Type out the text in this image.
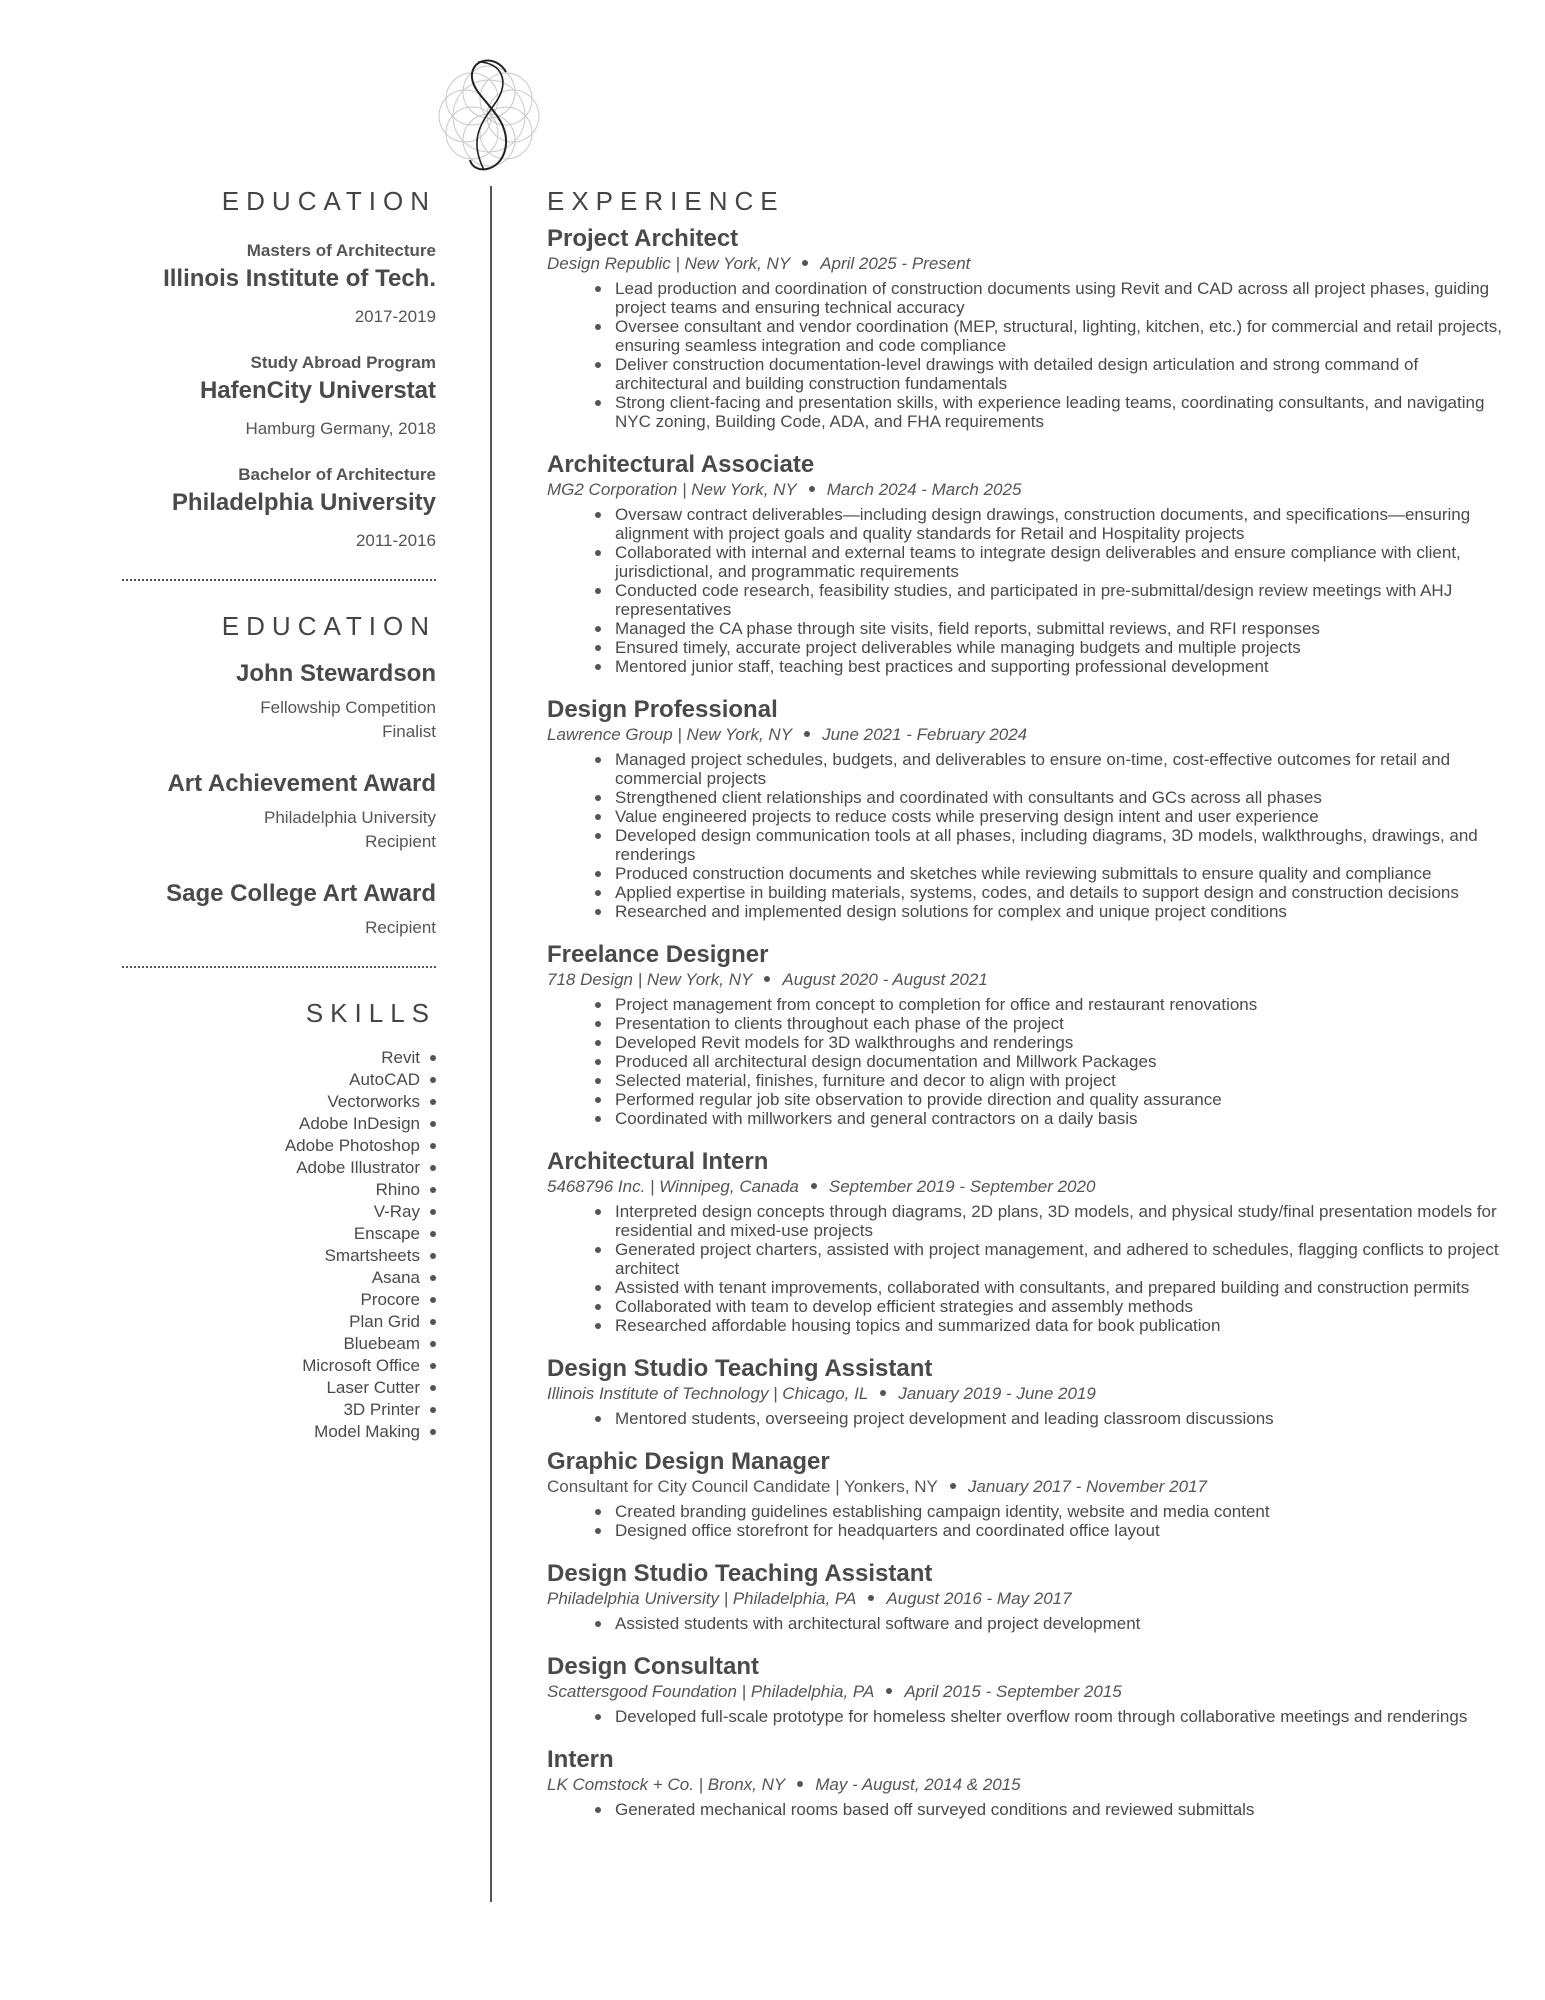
EDUCATION
Masters of Architecture
Illinois Institute of Tech.
2017-2019
Study Abroad Program
HafenCity Universtat
Hamburg Germany, 2018
Bachelor of Architecture
Philadelphia University
2011-2016
EDUCATION
John Stewardson
Fellowship Competition
Finalist
Art Achievement Award
Philadelphia University
Recipient
Sage College Art Award
Recipient
SKILLS
Revit
AutoCAD
Vectorworks
Adobe InDesign
Adobe Photoshop
Adobe Illustrator
Rhino
V-Ray
Enscape
Smartsheets
Asana
Procore
Plan Grid
Bluebeam
Microsoft Office
Laser Cutter
3D Printer
Model Making
EXPERIENCE
Project Architect
Design Republic | New York, NY April 2025 - Present
Lead production and coordination of construction documents using Revit and CAD across all project phases, guiding project teams and ensuring technical accuracy
Oversee consultant and vendor coordination (MEP, structural, lighting, kitchen, etc.) for commercial and retail projects, ensuring seamless integration and code compliance
Deliver construction documentation-level drawings with detailed design articulation and strong command of architectural and building construction fundamentals
Strong client-facing and presentation skills, with experience leading teams, coordinating consultants, and navigating NYC zoning, Building Code, ADA, and FHA requirements
Architectural Associate
MG2 Corporation | New York, NY March 2024 - March 2025
Oversaw contract deliverables—including design drawings, construction documents, and specifications—ensuring alignment with project goals and quality standards for Retail and Hospitality projects
Collaborated with internal and external teams to integrate design deliverables and ensure compliance with client, jurisdictional, and programmatic requirements
Conducted code research, feasibility studies, and participated in pre-submittal/design review meetings with AHJ representatives
Managed the CA phase through site visits, field reports, submittal reviews, and RFI responses
Ensured timely, accurate project deliverables while managing budgets and multiple projects
Mentored junior staff, teaching best practices and supporting professional development
Design Professional
Lawrence Group | New York, NY June 2021 - February 2024
Managed project schedules, budgets, and deliverables to ensure on-time, cost-effective outcomes for retail and commercial projects
Strengthened client relationships and coordinated with consultants and GCs across all phases
Value engineered projects to reduce costs while preserving design intent and user experience
Developed design communication tools at all phases, including diagrams, 3D models, walkthroughs, drawings, and renderings
Produced construction documents and sketches while reviewing submittals to ensure quality and compliance
Applied expertise in building materials, systems, codes, and details to support design and construction decisions
Researched and implemented design solutions for complex and unique project conditions
Freelance Designer
718 Design | New York, NY August 2020 - August 2021
Project management from concept to completion for office and restaurant renovations
Presentation to clients throughout each phase of the project
Developed Revit models for 3D walkthroughs and renderings
Produced all architectural design documentation and Millwork Packages
Selected material, finishes, furniture and decor to align with project
Performed regular job site observation to provide direction and quality assurance
Coordinated with millworkers and general contractors on a daily basis
Architectural Intern
5468796 Inc. | Winnipeg, Canada September 2019 - September 2020
Interpreted design concepts through diagrams, 2D plans, 3D models, and physical study/final presentation models for residential and mixed-use projects
Generated project charters, assisted with project management, and adhered to schedules, flagging conflicts to project architect
Assisted with tenant improvements, collaborated with consultants, and prepared building and construction permits
Collaborated with team to develop efficient strategies and assembly methods
Researched affordable housing topics and summarized data for book publication
Design Studio Teaching Assistant
Illinois Institute of Technology | Chicago, IL January 2019 - June 2019
Mentored students, overseeing project development and leading classroom discussions
Graphic Design Manager
Consultant for City Council Candidate | Yonkers, NY January 2017 - November 2017
Created branding guidelines establishing campaign identity, website and media content
Designed office storefront for headquarters and coordinated office layout
Design Studio Teaching Assistant
Philadelphia University | Philadelphia, PA August 2016 - May 2017
Assisted students with architectural software and project development
Design Consultant
Scattersgood Foundation | Philadelphia, PA April 2015 - September 2015
Developed full-scale prototype for homeless shelter overflow room through collaborative meetings and renderings
Intern
LK Comstock + Co. | Bronx, NY May - August, 2014 & 2015
Generated mechanical rooms based off surveyed conditions and reviewed submittals
